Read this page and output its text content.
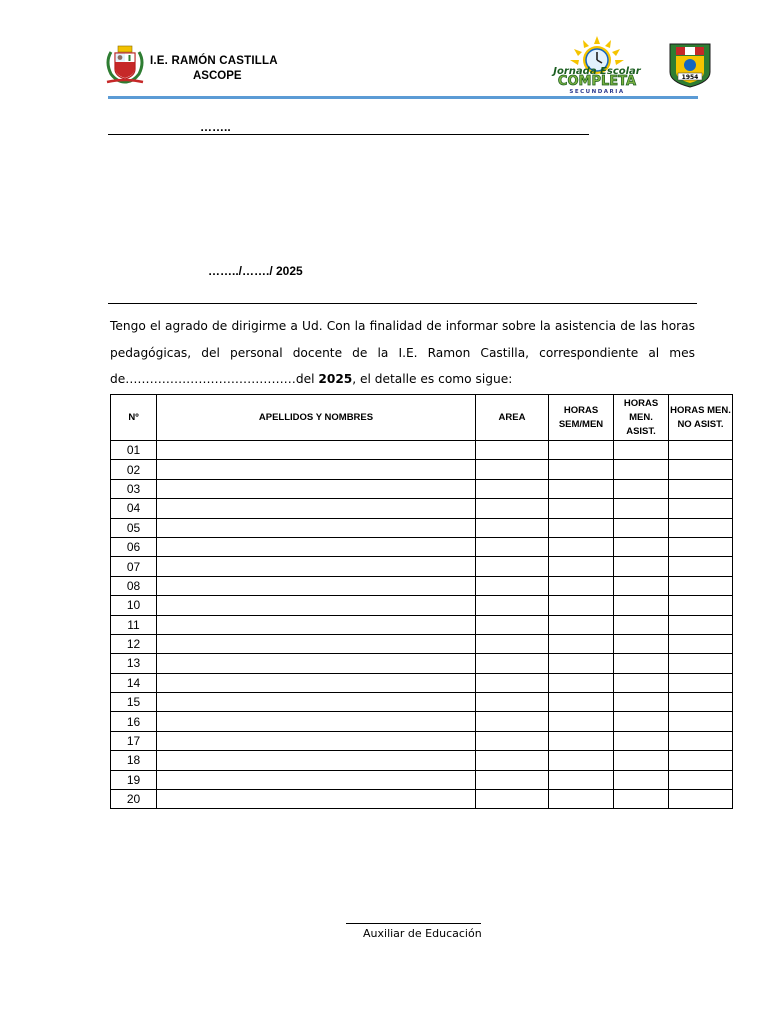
I.E. RAMÓN CASTILLA
ASCOPE	Jornada Escolar
COMPLETA
SECUNDARIA
1954
……..
……../……./ 2025
Tengo el agrado de dirigirme a Ud. Con la finalidad de informar sobre la asistencia de las horas pedagógicas, del personal docente de la I.E. Ramon Castilla, correspondiente al mes de……………………………………del 2025, el detalle es como sigue:
Nº	APELLIDOS Y NOMBRES	AREA	HORAS SEM/MEN	HORAS MEN. ASIST.	HORAS MEN. NO ASIST.
01					
02					
03					
04					
05					
06					
07					
08					
10					
11					
12					
13					
14					
15					
16					
17					
18					
19					
20					
Auxiliar de Educación
